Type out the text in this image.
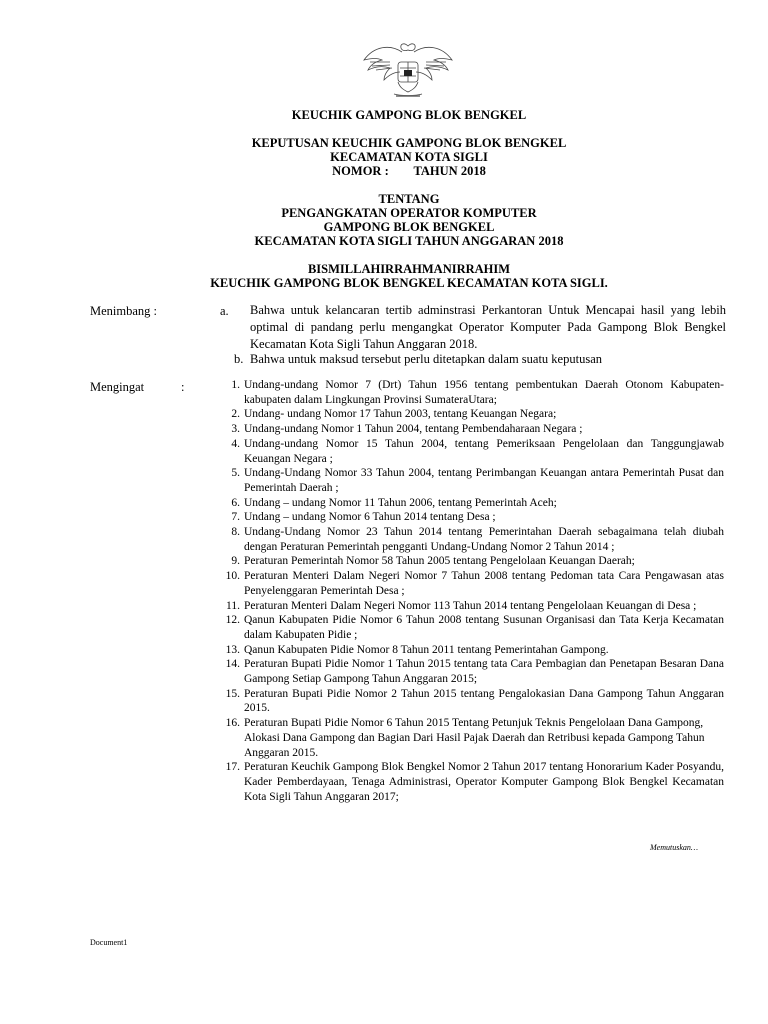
KEUCHIK GAMPONG BLOK BENGKEL
KEPUTUSAN KEUCHIK GAMPONG BLOK BENGKEL
KECAMATAN KOTA SIGLI
NOMOR :        TAHUN 2018
TENTANG
PENGANGKATAN OPERATOR KOMPUTER
GAMPONG BLOK BENGKEL
KECAMATAN KOTA SIGLI TAHUN ANGGARAN 2018
BISMILLAHIRRAHMANIRRAHIM
KEUCHIK GAMPONG BLOK BENGKEL KECAMATAN KOTA SIGLI.
Menimbang :	a. Bahwa untuk kelancaran tertib adminstrasi Perkantoran Untuk Mencapai hasil yang lebih optimal di pandang perlu mengangkat Operator Komputer Pada Gampong Blok Bengkel Kecamatan Kota Sigli Tahun Anggaran 2018.
b. Bahwa untuk maksud tersebut perlu ditetapkan dalam suatu keputusan
Mengingat	:	1. Undang-undang Nomor 7 (Drt) Tahun 1956 tentang pembentukan Daerah Otonom Kabupaten-kabupaten dalam Lingkungan Provinsi SumateraUtara;
2. Undang- undang Nomor 17 Tahun 2003, tentang Keuangan Negara;
3. Undang-undang Nomor 1 Tahun 2004, tentang Pembendaharaan Negara ;
4. Undang-undang Nomor 15 Tahun 2004, tentang Pemeriksaan Pengelolaan dan Tanggungjawab Keuangan Negara ;
5. Undang-Undang Nomor 33 Tahun 2004, tentang Perimbangan Keuangan antara Pemerintah Pusat dan Pemerintah Daerah ;
6. Undang – undang Nomor 11 Tahun 2006, tentang Pemerintah Aceh;
7. Undang – undang Nomor 6 Tahun 2014 tentang Desa ;
8. Undang-Undang Nomor 23 Tahun 2014 tentang Pemerintahan Daerah sebagaimana telah diubah dengan Peraturan Pemerintah pengganti Undang-Undang Nomor 2 Tahun 2014 ;
9. Peraturan Pemerintah Nomor 58 Tahun 2005 tentang Pengelolaan Keuangan Daerah;
10. Peraturan Menteri Dalam Negeri Nomor 7 Tahun 2008 tentang Pedoman tata Cara Pengawasan atas Penyelenggaran Pemerintah Desa ;
11. Peraturan Menteri Dalam Negeri Nomor 113 Tahun 2014 tentang Pengelolaan Keuangan di Desa ;
12. Qanun Kabupaten Pidie Nomor 6 Tahun 2008 tentang Susunan Organisasi dan Tata Kerja Kecamatan dalam Kabupaten Pidie ;
13. Qanun Kabupaten Pidie Nomor 8 Tahun 2011 tentang Pemerintahan Gampong.
14. Peraturan Bupati Pidie Nomor 1 Tahun 2015 tentang tata Cara Pembagian dan Penetapan Besaran Dana Gampong Setiap Gampong Tahun Anggaran 2015;
15. Peraturan Bupati Pidie Nomor 2 Tahun 2015 tentang Pengalokasian Dana Gampong Tahun Anggaran 2015.
16. Peraturan Bupati Pidie Nomor 6 Tahun 2015 Tentang Petunjuk Teknis Pengelolaan Dana Gampong, Alokasi Dana Gampong dan Bagian Dari Hasil Pajak Daerah dan Retribusi kepada Gampong Tahun Anggaran 2015.
17. Peraturan Keuchik Gampong Blok Bengkel Nomor 2 Tahun 2017 tentang Honorarium Kader Posyandu, Kader Pemberdayaan, Tenaga Administrasi, Operator Komputer Gampong Blok Bengkel Kecamatan Kota Sigli Tahun Anggaran 2017;
Memutuskan…
Document1
